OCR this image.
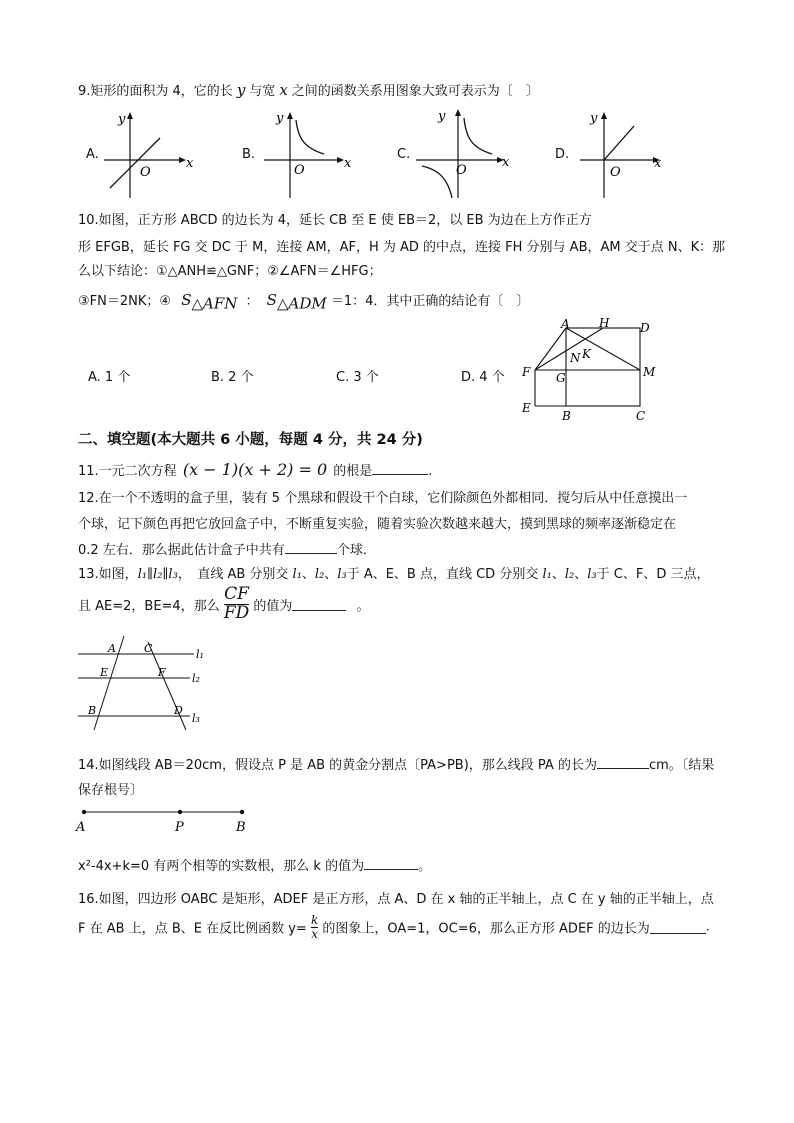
9.矩形的面积为 4，它的长 y 与宽 x 之间的函数关系用图象大致可表示为〔　〕
A.	B.	C.	D.
y
x
O
y
x
O
y
x
O
y
x
O
10.如图，正方形 ABCD 的边长为 4，延长 CB 至 E 使 EB＝2，以 EB 为边在上方作正方
形 EFGB，延长 FG 交 DC 于 M，连接 AM，AF，H 为 AD 的中点，连接 FH 分别与 AB，AM 交于点 N、K：那
么以下结论：①△ANH≌△GNF；②∠AFN＝∠HFG；
③FN＝2NK；④ $S_{\triangle AFN}$ ： $S_{\triangle ADM} =1$：4．其中正确的结论有〔　〕
A. 1 个	B. 2 个	C. 3 个	D. 4 个
A H	D
N K
F G	M
E
B	C
二、填空题(本大题共 6 小题，每题 4 分，共 24 分)
11.一元二次方程 (x − 1)(x + 2) = 0 的根是	.
12.在一个不透明的盒子里，装有 5 个黑球和假设干个白球，它们除颜色外都相同．搅匀后从中任意摸出一
个球，记下颜色再把它放回盒子中，不断重复实验，随着实验次数越来越大，摸到黑球的频率逐渐稳定在
0.2 左右．那么据此估计盒子中共有	个球．
13.如图，l₁∥l₂∥l₃，　直线 AB 分别交 l₁、l₂、l₃于 A、E、B 点，直线 CD 分别交 l₁、l₂、l₃于 C、F、D 三点，
且 AE=2，BE=4，那么 $\frac{CF}{FD}$ 的值为	。
A	C
E	F
B	D
l₁
l₂
l₃
14.如图线段 AB＝20cm，假设点 P 是 AB 的黄金分割点〔PA>PB)，那么线段 PA 的长为	cm。〔结果
保存根号〕
A	P	B
x²-4x+k=0 有两个相等的实数根，那么 k 的值为	。
16.如图，四边形 OABC 是矩形，ADEF 是正方形，点 A、D 在 x 轴的正半轴上，点 C 在 y 轴的正半轴上，点
F 在 AB 上，点 B、E 在反比例函数 $y= \frac{k}{x}$ 的图象上，OA=1，OC=6，那么正方形 ADEF 的边长为	.
